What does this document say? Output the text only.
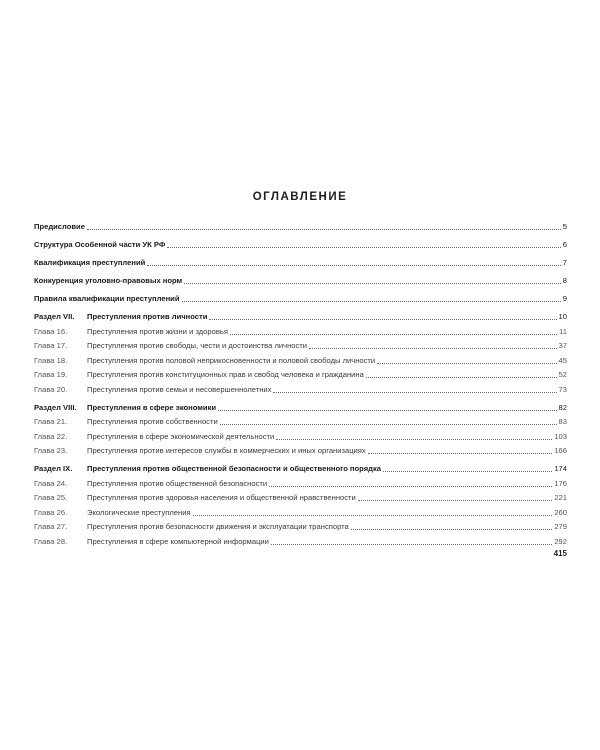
ОГЛАВЛЕНИЕ
Предисловие	5
Структура Особенной части УК РФ	6
Квалификация преступлений	7
Конкуренция уголовно-правовых норм	8
Правила квалификации преступлений	9
Раздел VII.	Преступления против личности	10
Глава 16.	Преступления против жизни и здоровья	11
Глава 17.	Преступления против свободы, чести и достоинства личности	37
Глава 18.	Преступления против половой неприкосновенности и половой свободы личности	45
Глава 19.	Преступления против конституционных прав и свобод человека и гражданина	52
Глава 20.	Преступления против семьи и несовершеннолетних	73
Раздел VIII.	Преступления в сфере экономики	82
Глава 21.	Преступления против собственности	83
Глава 22.	Преступления в сфере экономической деятельности	103
Глава 23.	Преступления против интересов службы в коммерческих и иных организациях	166
Раздел IX.	Преступления против общественной безопасности и общественного порядка	174
Глава 24.	Преступления против общественной безопасности	176
Глава 25.	Преступления против здоровья населения и общественной нравственности	221
Глава 26.	Экологические преступления	260
Глава 27.	Преступления против безопасности движения и эксплуатации транспорта	279
Глава 28.	Преступления в сфере компьютерной информации	292
415
